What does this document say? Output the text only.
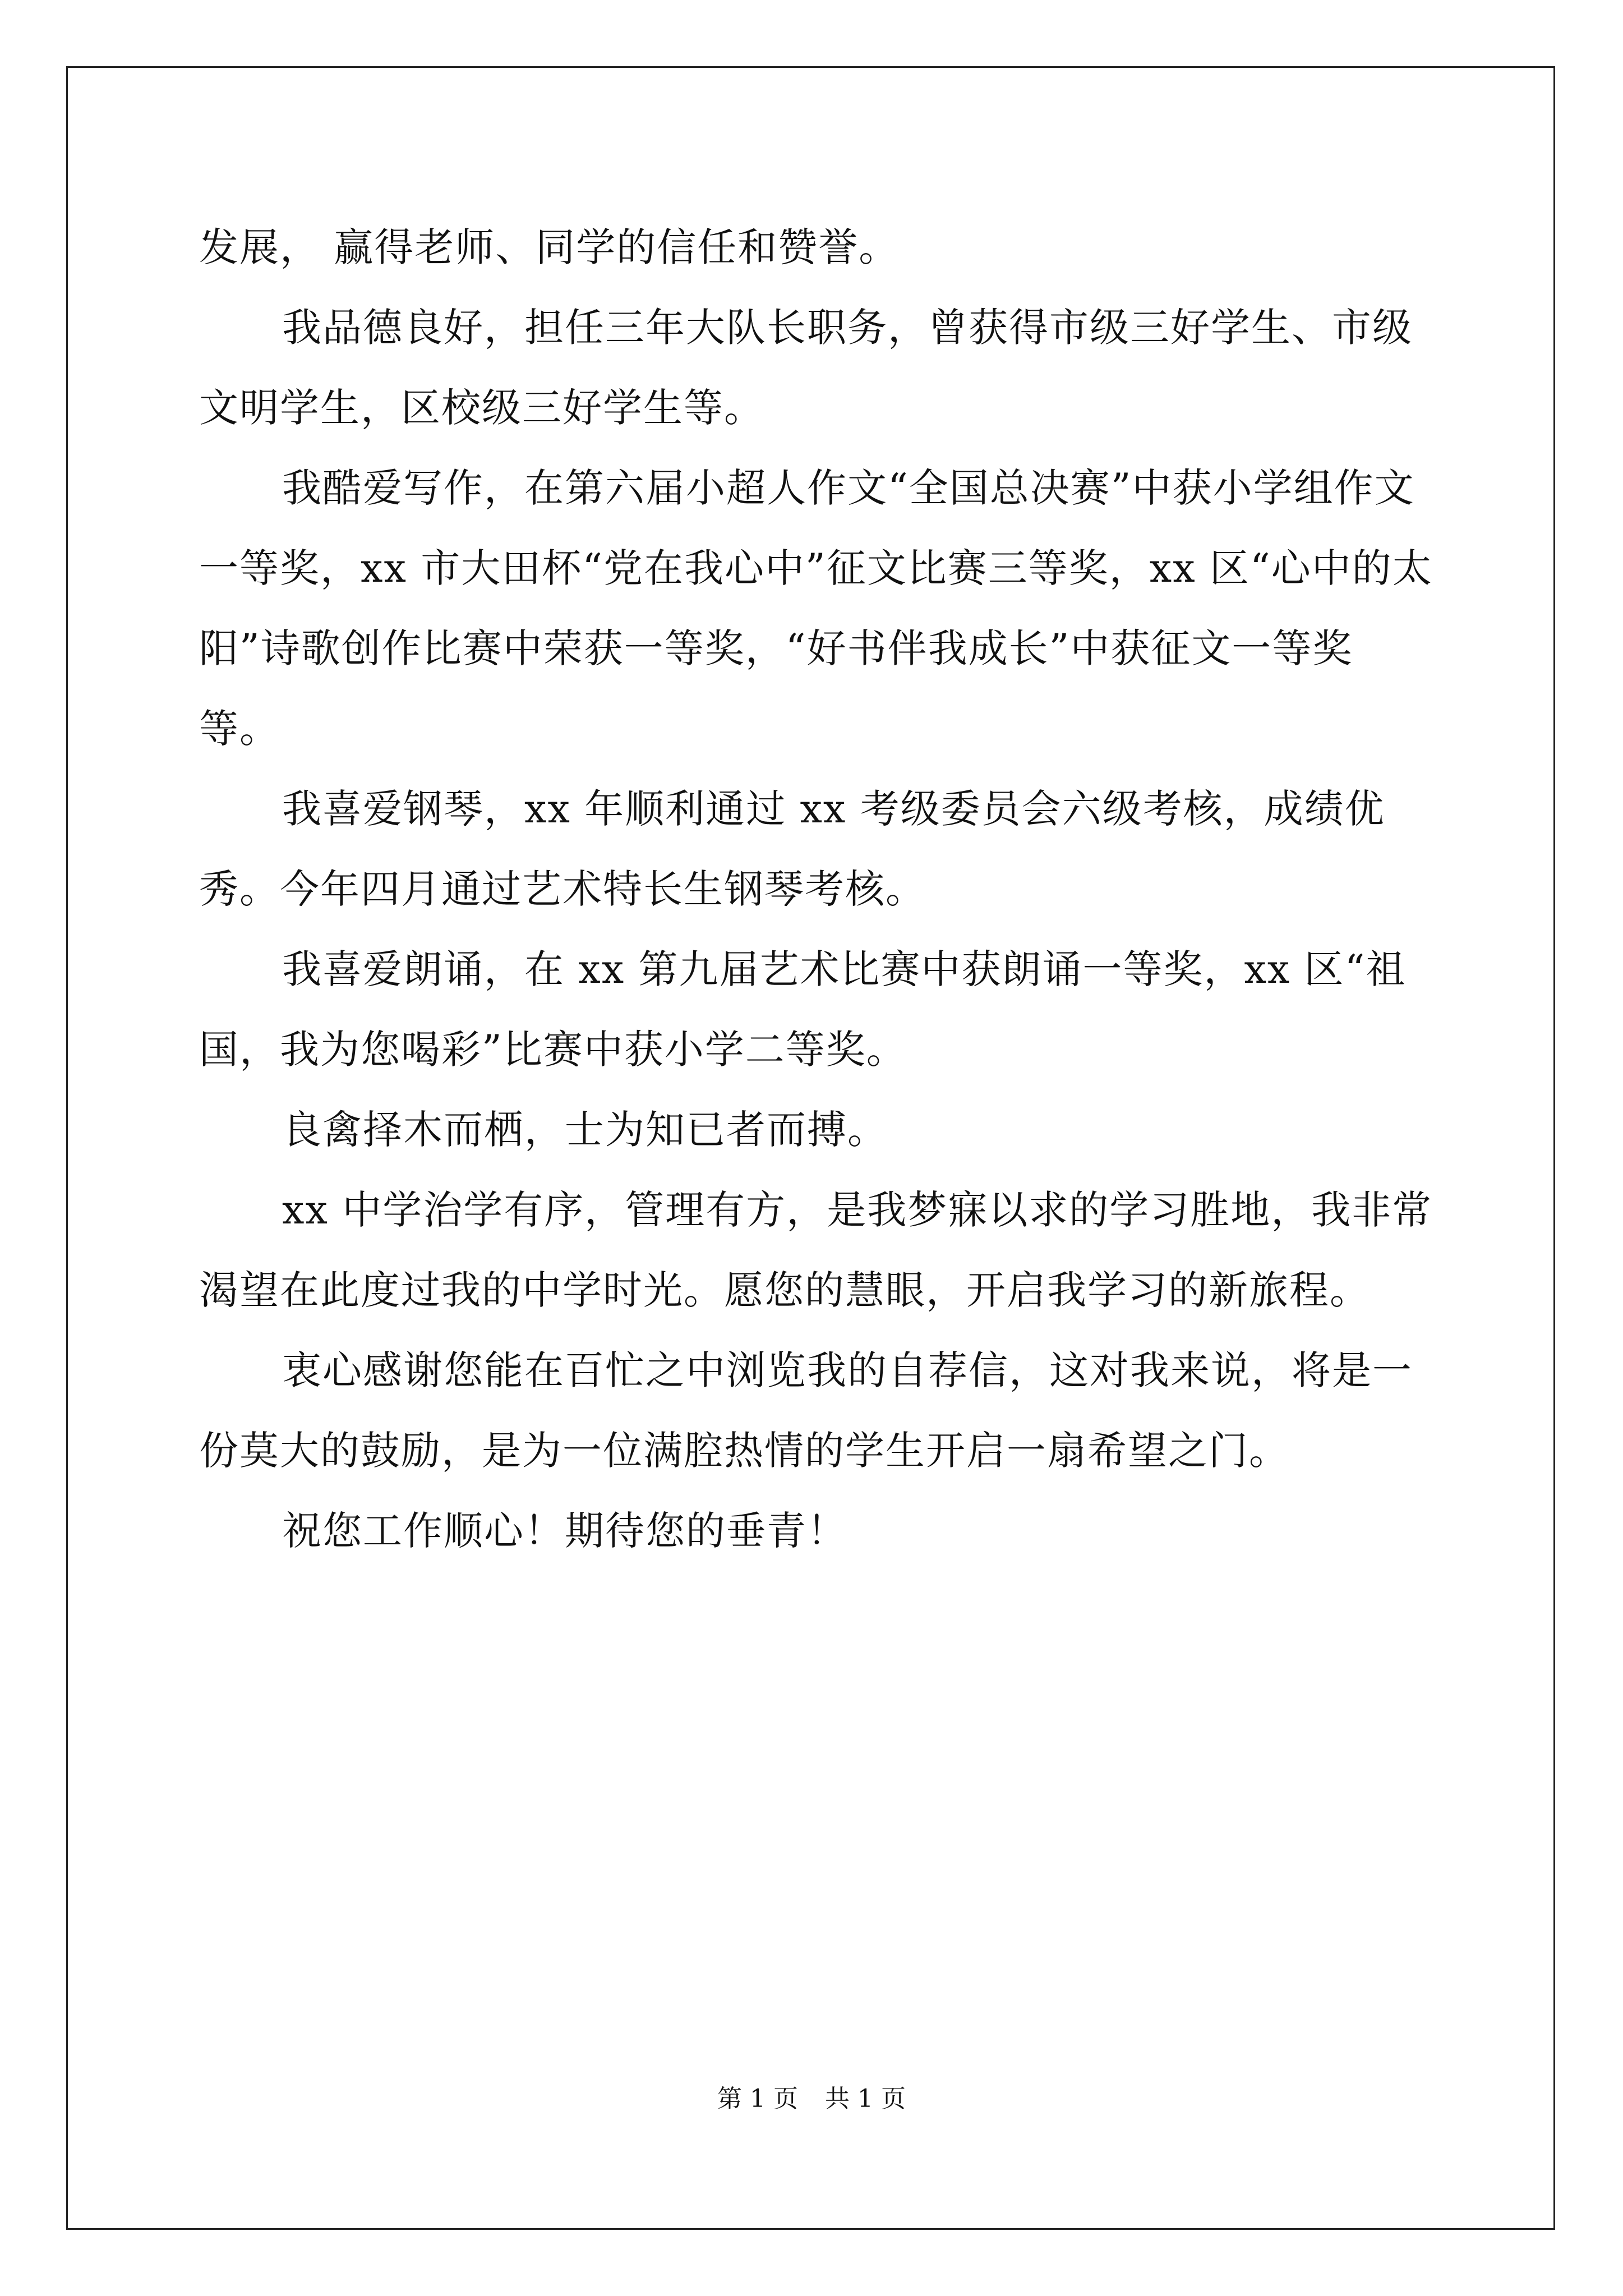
发展， 赢得老师、同学的信任和赞誉。

我品德良好，担任三年大队长职务，曾获得市级三好学生、市级文明学生，区校级三好学生等。

我酷爱写作，在第六届小超人作文“全国总决赛”中获小学组作文一等奖，xx 市大田杯“党在我心中”征文比赛三等奖，xx 区“心中的太阳”诗歌创作比赛中荣获一等奖，“好书伴我成长”中获征文一等奖等。

我喜爱钢琴，xx 年顺利通过 xx 考级委员会六级考核，成绩优秀。今年四月通过艺术特长生钢琴考核。

我喜爱朗诵，在 xx 第九届艺术比赛中获朗诵一等奖，xx 区“祖国，我为您喝彩”比赛中获小学二等奖。

良禽择木而栖，士为知已者而搏。

xx 中学治学有序，管理有方，是我梦寐以求的学习胜地，我非常渴望在此度过我的中学时光。愿您的慧眼，开启我学习的新旅程。

衷心感谢您能在百忙之中浏览我的自荐信，这对我来说，将是一份莫大的鼓励，是为一位满腔热情的学生开启一扇希望之门。

祝您工作顺心！期待您的垂青！

第 1 页 共 1 页
